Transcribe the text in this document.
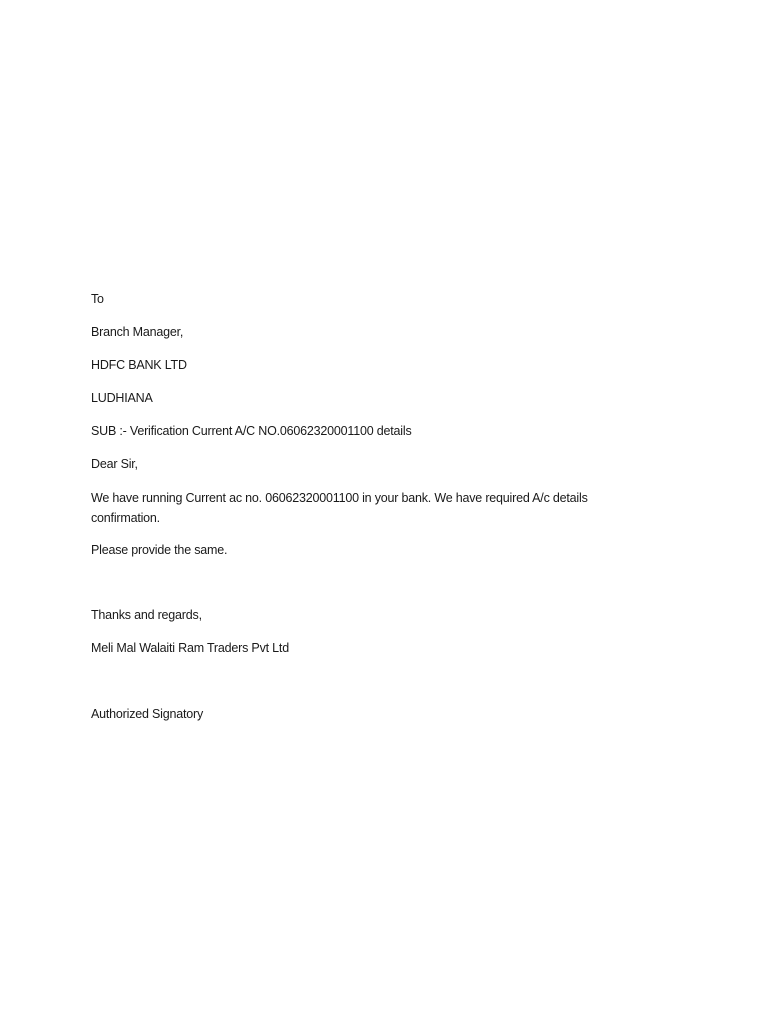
To
Branch Manager,
HDFC BANK LTD
LUDHIANA
SUB :- Verification Current A/C NO.06062320001100 details
Dear Sir,
We have running Current ac no. 06062320001100 in your bank. We have required A/c details confirmation.
Please provide the same.
Thanks and regards,
Meli Mal Walaiti Ram Traders Pvt Ltd
Authorized Signatory
